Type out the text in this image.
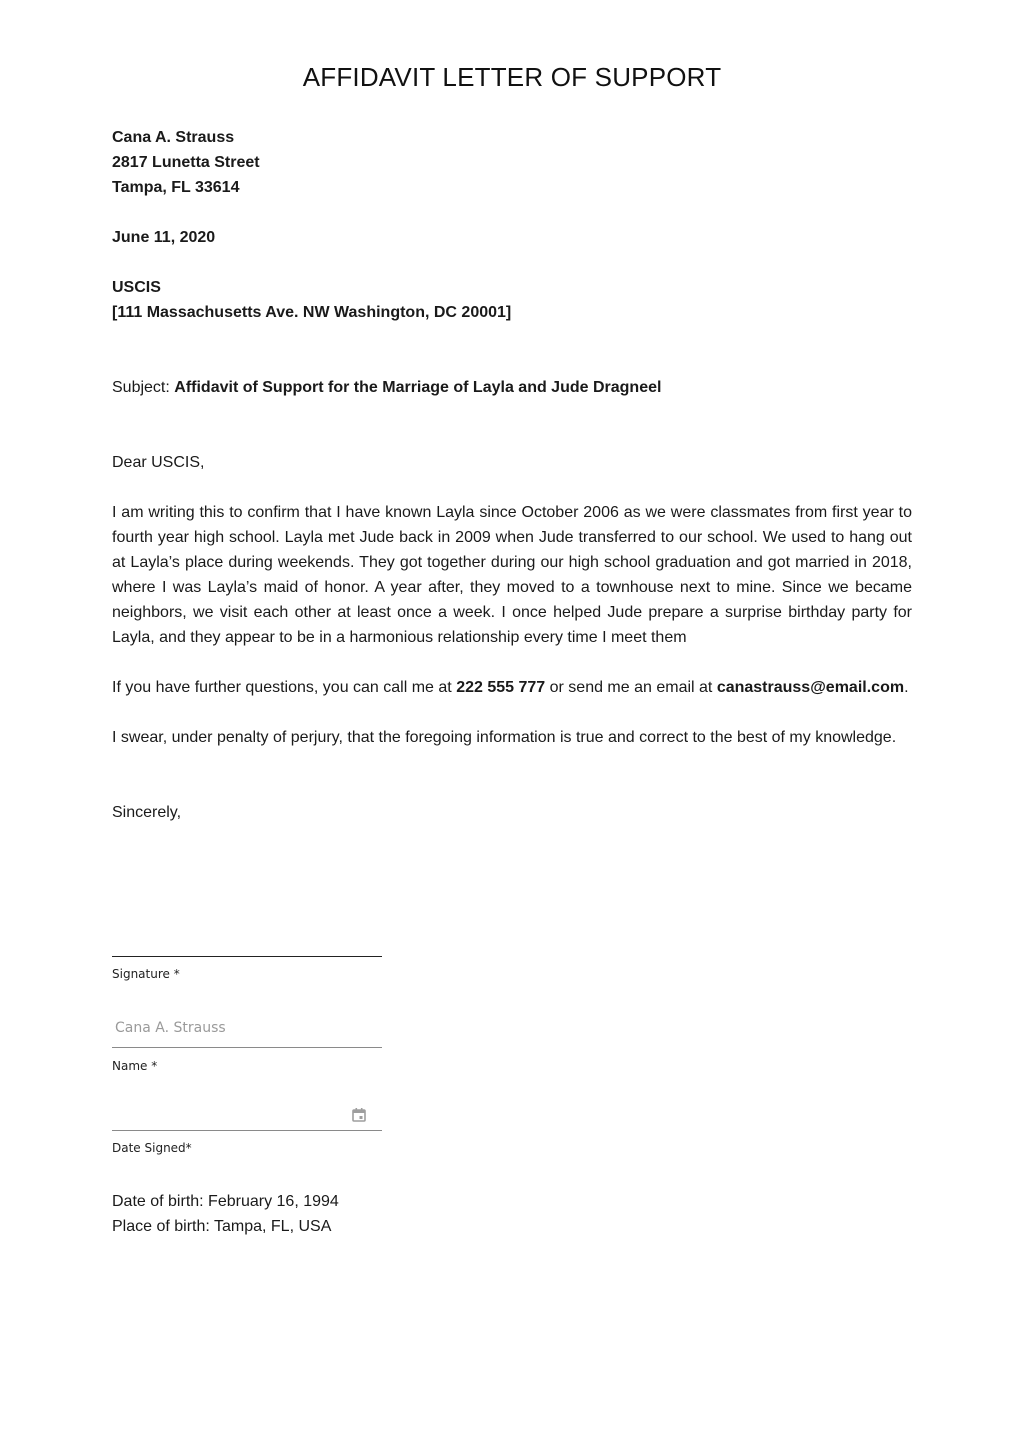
AFFIDAVIT LETTER OF SUPPORT
Cana A. Strauss
2817 Lunetta Street
Tampa, FL 33614
June 11, 2020
USCIS
[111 Massachusetts Ave. NW Washington, DC 20001]
Subject: Affidavit of Support for the Marriage of Layla and Jude Dragneel
Dear USCIS,

I am writing this to confirm that I have known Layla since October 2006 as we were classmates from first year to fourth year high school. Layla met Jude back in 2009 when Jude transferred to our school. We used to hang out at Layla’s place during weekends. They got together during our high school graduation and got married in 2018, where I was Layla’s maid of honor. A year after, they moved to a townhouse next to mine. Since we became neighbors, we visit each other at least once a week. I once helped Jude prepare a surprise birthday party for Layla, and they appear to be in a harmonious relationship every time I meet them

If you have further questions, you can call me at 222 555 777 or send me an email at canastrauss@email.com.
I swear, under penalty of perjury, that the foregoing information is true and correct to the best of my knowledge.
Sincerely,
Signature *
Cana A. Strauss
Name *
Date Signed*
Date of birth: February 16, 1994
Place of birth: Tampa, FL, USA
